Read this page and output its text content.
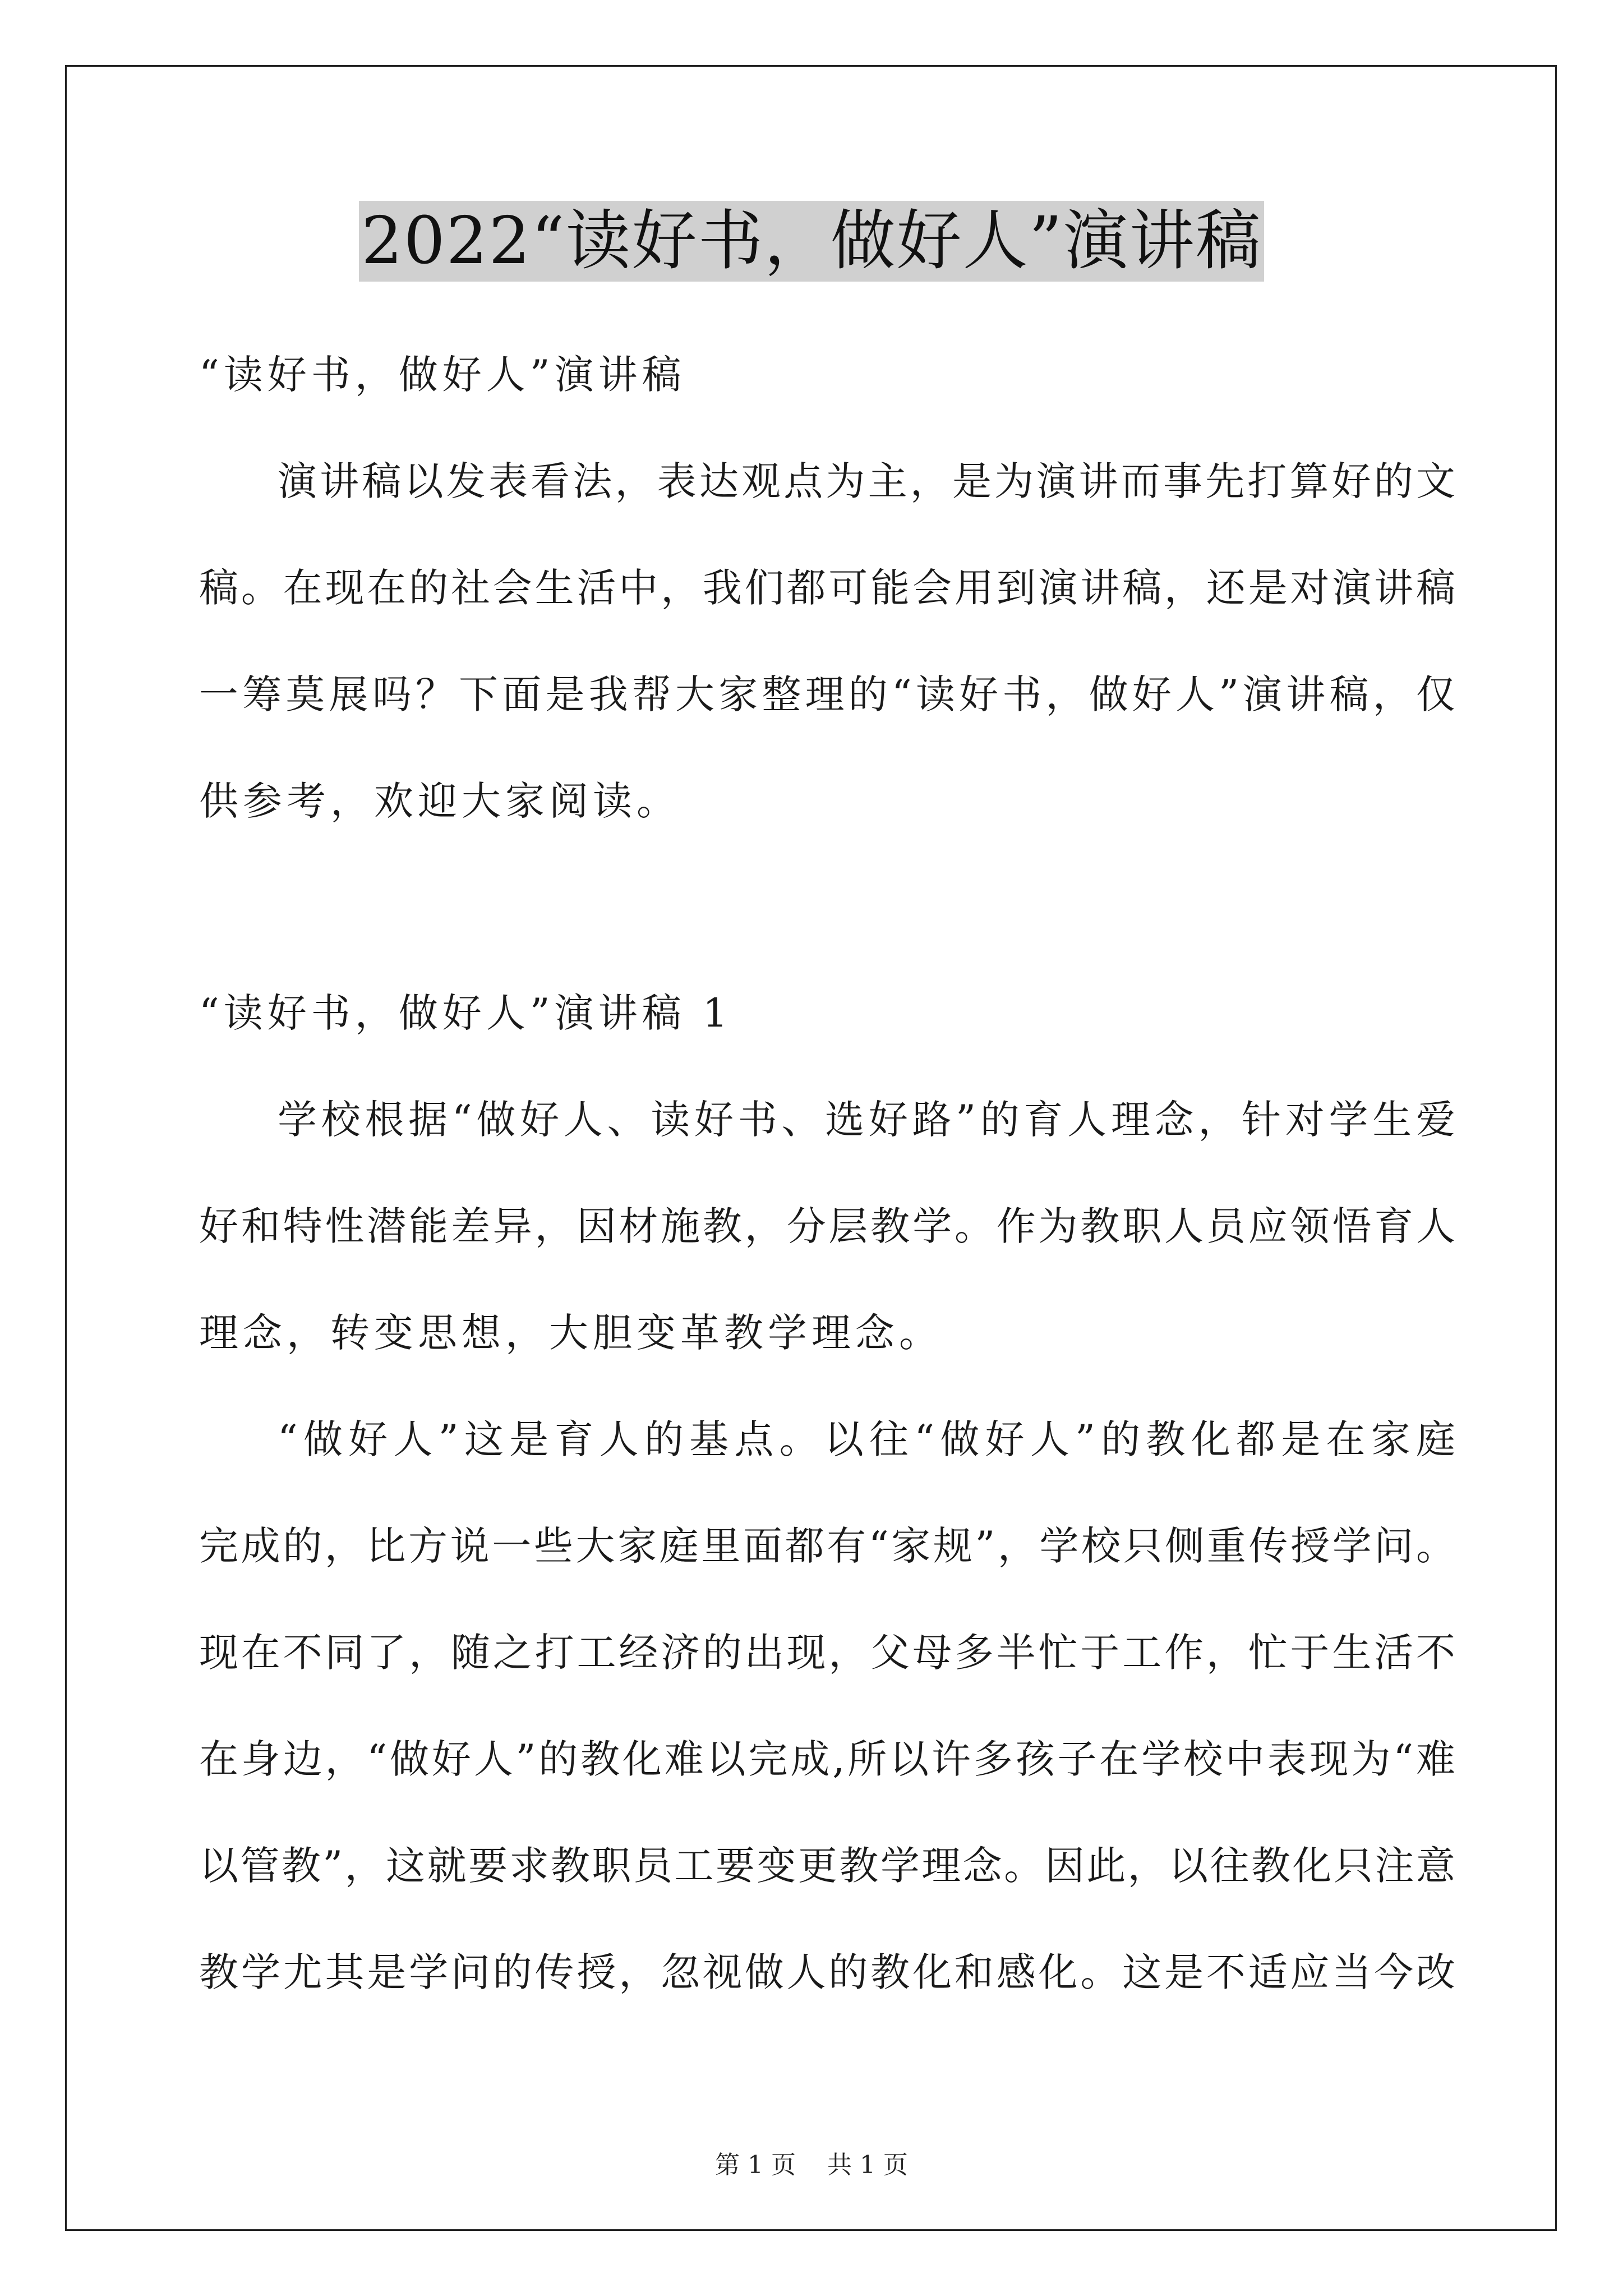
2022“读好书，做好人”演讲稿
“读好书，做好人”演讲稿
演讲稿以发表看法，表达观点为主，是为演讲而事先打算好的文
稿。在现在的社会生活中，我们都可能会用到演讲稿，还是对演讲稿
一筹莫展吗？下面是我帮大家整理的“读好书，做好人”演讲稿，仅
供参考，欢迎大家阅读。
“读好书，做好人”演讲稿 1
学校根据“做好人、读好书、选好路”的育人理念，针对学生爱
好和特性潜能差异，因材施教，分层教学。作为教职人员应领悟育人
理念，转变思想，大胆变革教学理念。
“做好人”这是育人的基点。以往“做好人”的教化都是在家庭
完成的，比方说一些大家庭里面都有“家规”，学校只侧重传授学问。
现在不同了，随之打工经济的出现，父母多半忙于工作，忙于生活不
在身边，“做好人”的教化难以完成,所以许多孩子在学校中表现为“难
以管教”，这就要求教职员工要变更教学理念。因此，以往教化只注意
教学尤其是学问的传授，忽视做人的教化和感化。这是不适应当今改
第 1 页    共 1 页
